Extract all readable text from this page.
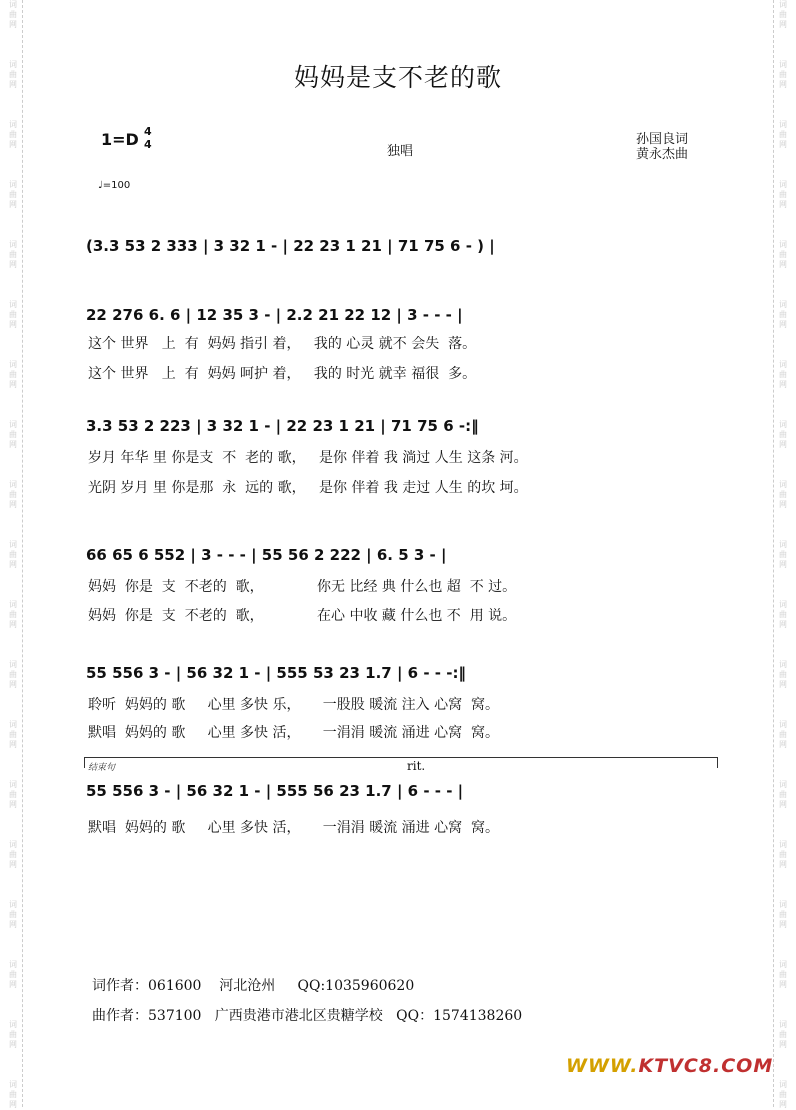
词
曲
网
词
曲
网
词
曲
网
词
曲
网
词
曲
网
词
曲
网
词
曲
网
词
曲
网
词
曲
网
词
曲
网
词
曲
网
词
曲
网
词
曲
网
词
曲
网
词
曲
网
词
曲
网
词
曲
网
词
曲
网
词
曲
网
词
曲
网
词
曲
网
词
曲
网
词
曲
网
词
曲
网
词
曲
网
词
曲
网
词
曲
网
词
曲
网
词
曲
网
词
曲
网
词
曲
网
词
曲
网
词
曲
网
词
曲
网
词
曲
网
词
曲
网
词
曲
网
词
曲
网
妈妈是支不老的歌
1=D 4
4
♩=100
独唱
孙国良词
黄永杰曲
(3.3 53 2 333 | 3 32 1 - | 22 23 1 21 | 71 75 6 - ) |
22 276 6. 6 | 12 35 3 - | 2.2 21 22 12 | 3 - - - |
这个 世界   上  有  妈妈 指引 着，   我的 心灵 就不 会失  落。
这个 世界   上  有  妈妈 呵护 着，   我的 时光 就幸 福很  多。
3.3 53 2 223 | 3 32 1 - | 22 23 1 21 | 71 75 6 -:‖
岁月 年华 里 你是支  不  老的 歌，   是你 伴着 我 淌过 人生 这条 河。
光阴 岁月 里 你是那  永  远的 歌，   是你 伴着 我 走过 人生 的坎 坷。
66 65 6 552 | 3 - - - | 55 56 2 222 | 6. 5 3 - |
妈妈  你是  支  不老的  歌，            你无 比经 典 什么也 超  不 过。
妈妈  你是  支  不老的  歌，            在心 中收 藏 什么也 不  用 说。
55 556 3 - | 56 32 1 - | 555 53 23 1.7 | 6 - - -:‖
聆听  妈妈的 歌     心里 多快 乐，     一股股 暖流 注入 心窝  窝。
默唱  妈妈的 歌     心里 多快 活，     一涓涓 暖流 涌进 心窝  窝。
结束句	rit.
55 556 3 - | 56 32 1 - | 555 56 23 1.7 | 6 - - - |
默唱  妈妈的 歌     心里 多快 活，     一涓涓 暖流 涌进 心窝  窝。
词作者：061600    河北沧州     QQ:1035960620
曲作者：537100   广西贵港市港北区贵糖学校   QQ：1574138260
WWW.KTVC8.COM
